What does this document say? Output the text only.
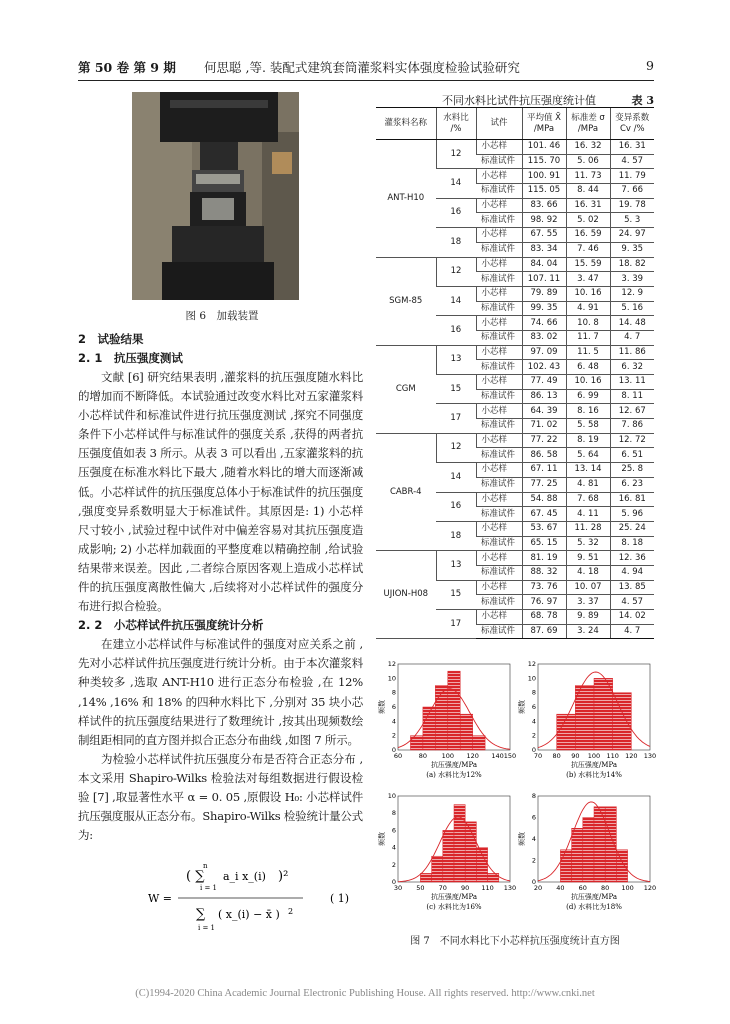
第 50 卷 第 9 期 何思聪 ,等. 装配式建筑套筒灌浆料实体强度检验试验研究	9
图 6　加载装置
2　试验结果
2. 1　抗压强度测试

文献 [6] 研究结果表明 ,灌浆料的抗压强度随水料比的增加而不断降低。本试验通过改变水料比对五家灌浆料小芯样试件和标准试件进行抗压强度测试 ,探究不同强度条件下小芯样试件与标准试件的强度关系 ,获得的两者抗压强度值如表 3 所示。从表 3 可以看出 ,五家灌浆料的抗压强度在标准水料比下最大 ,随着水料比的增大而逐渐减低。小芯样试件的抗压强度总体小于标准试件的抗压强度 ,强度变异系数明显大于标准试件。其原因是: 1) 小芯样尺寸较小 ,试验过程中试件对中偏差容易对其抗压强度造成影响; 2) 小芯样加载面的平整度难以精确控制 ,给试验结果带来误差。因此 ,二者综合原因客观上造成小芯样试件的抗压强度离散性偏大 ,后续将对小芯样试件的强度分布进行拟合检验。

2. 2　小芯样试件抗压强度统计分析

在建立小芯样试件与标准试件的强度对应关系之前 ,先对小芯样试件抗压强度进行统计分析。由于本次灌浆料种类较多 ,选取 ANT-H10 进行正态分布检验 ,在 12% ,14% ,16% 和 18% 的四种水料比下 ,分别对 35 块小芯样试件的抗压强度结果进行了数理统计 ,按其出现频数绘制组距相同的直方图并拟合正态分布曲线 ,如图 7 所示。

为检验小芯样试件抗压强度分布是否符合正态分布 ,本文采用 Shapiro-Wilks 检验法对每组数据进行假设检验 [7] ,取显著性水平 α = 0. 05 ,原假设 H₀: 小芯样试件抗压强度服从正态分布。Shapiro-Wilks 检验统计量公式为:

W =
n
( ∑ a_i x_(i) )²
i = 1
∑ ( x_(i) − x̄ ) 2
i = 1
( 1)
不同水料比试件抗压强度统计值	表 3
灌浆料名称	水料比 /%	试件	平均值 X̄ /MPa	标准差 σ /MPa	变异系数 Cv /%
ANT-H10	12	小芯样	101. 46	16. 32	16. 31
		标准试件	115. 70	5. 06	4. 57
	14	小芯样	100. 91	11. 73	11. 79
		标准试件	115. 05	8. 44	7. 66
	16	小芯样	83. 66	16. 31	19. 78
		标准试件	98. 92	5. 02	5. 3
	18	小芯样	67. 55	16. 59	24. 97
		标准试件	83. 34	7. 46	9. 35
SGM-85	12	小芯样	84. 04	15. 59	18. 82
		标准试件	107. 11	3. 47	3. 39
	14	小芯样	79. 89	10. 16	12. 9
		标准试件	99. 35	4. 91	5. 16
	16	小芯样	74. 66	10. 8	14. 48
		标准试件	83. 02	11. 7	4. 7
CGM	13	小芯样	97. 09	11. 5	11. 86
		标准试件	102. 43	6. 48	6. 32
	15	小芯样	77. 49	10. 16	13. 11
		标准试件	86. 13	6. 99	8. 11
	17	小芯样	64. 39	8. 16	12. 67
		标准试件	71. 02	5. 58	7. 86
CABR-4	12	小芯样	77. 22	8. 19	12. 72
		标准试件	86. 58	5. 64	6. 51
	14	小芯样	67. 11	13. 14	25. 8
		标准试件	77. 25	4. 81	6. 23
	16	小芯样	54. 88	7. 68	16. 81
		标准试件	67. 45	4. 11	5. 96
	18	小芯样	53. 67	11. 28	25. 24
		标准试件	65. 15	5. 32	8. 18
UJION-H08	13	小芯样	81. 19	9. 51	12. 36
		标准试件	88. 32	4. 18	4. 94
	15	小芯样	73. 76	10. 07	13. 85
		标准试件	76. 97	3. 37	4. 57
	17	小芯样	68. 78	9. 89	14. 02
		标准试件	87. 69	3. 24	4. 7
60	80 100 120 140 150
0
2
4
6
8
10
12
抗压强度/MPa
频数
(a) 水料比为12%
70 80 90 100 110 120 130
0
2
4
6
8
10
12
抗压强度/MPa
频数
(b) 水料比为14%
30 50 70 90 110 130
0
2
4
6
8
10
抗压强度/MPa
频数
(c) 水料比为16%
20 40 60 80 100 120
0
2
4
6
8
抗压强度/MPa
频数
(d) 水料比为18%
图 7　不同水料比下小芯样抗压强度统计直方图
(C)1994-2020 China Academic Journal Electronic Publishing House. All rights reserved. http://www.cnki.net
